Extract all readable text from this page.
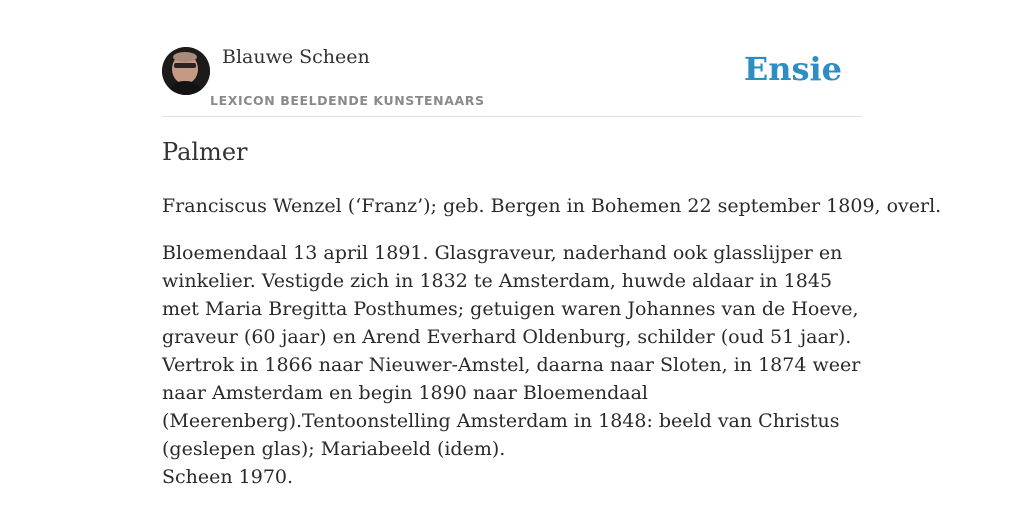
Blauwe Scheen
LEXICON BEELDENDE KUNSTENAARS
Ensie
Palmer

Franciscus Wenzel (‘Franz’); geb. Bergen in Bohemen 22 september 1809, overl.

Bloemendaal 13 april 1891. Glasgraveur, naderhand ook glasslijper en winkelier. Vestigde zich in 1832 te Amsterdam, huwde aldaar in 1845 met Maria Bregitta Posthumes; getuigen waren Johannes van de Hoeve, graveur (60 jaar) en Arend Everhard Oldenburg, schilder (oud 51 jaar). Vertrok in 1866 naar Nieuwer-Amstel, daarna naar Sloten, in 1874 weer naar Amsterdam en begin 1890 naar Bloemendaal (Meerenberg).Tentoonstelling Amsterdam in 1848: beeld van Christus (geslepen glas); Mariabeeld (idem).

Scheen 1970.
